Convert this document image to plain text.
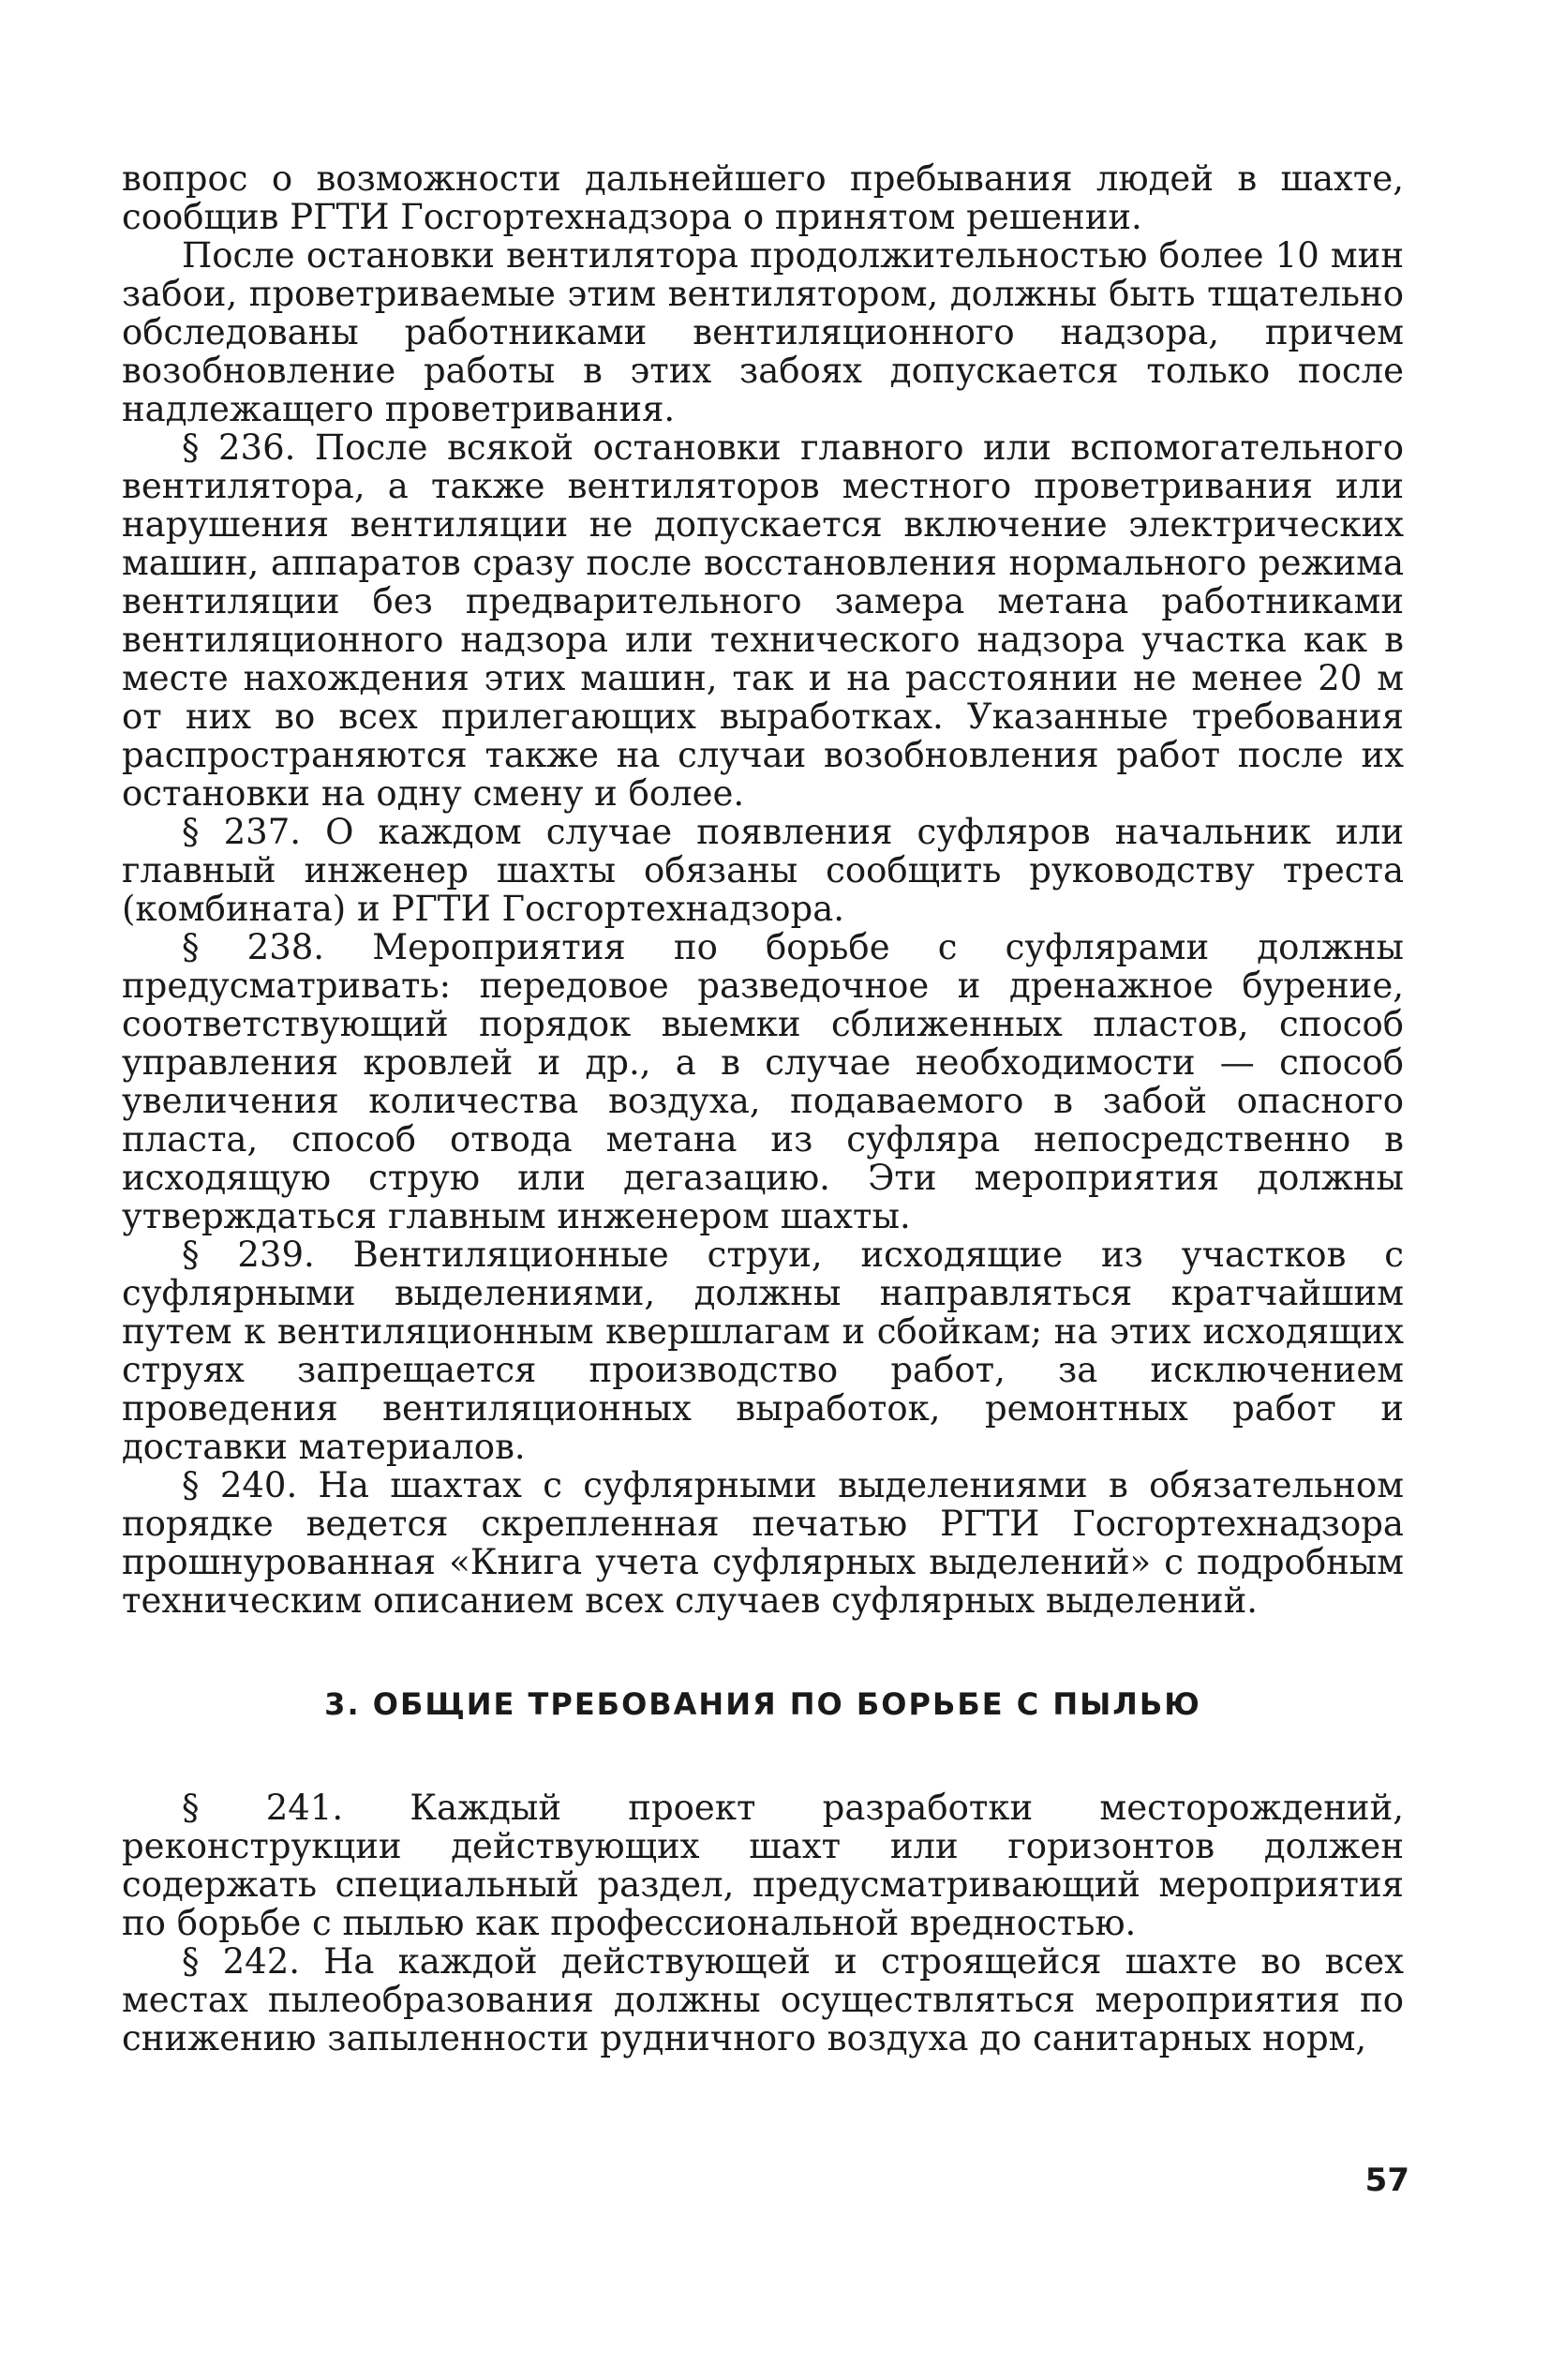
вопрос о возможности дальнейшего пребывания людей в шахте, сообщив РГТИ Госгортехнадзора о принятом решении.

После остановки вентилятора продолжительностью более 10 мин забои, проветриваемые этим вентилятором, должны быть тщательно обследованы работниками вентиляционного надзора, причем возобновление работы в этих забоях допускается только после надлежащего проветривания.

§ 236. После всякой остановки главного или вспомогательного вентилятора, а также вентиляторов местного проветривания или нарушения вентиляции не допускается включение электрических машин, аппаратов сразу после восстановления нормального режима вентиляции без предварительного замера метана работниками вентиляционного надзора или технического надзора участка как в месте нахождения этих машин, так и на расстоянии не менее 20 м от них во всех прилегающих выработках. Указанные требования распространяются также на случаи возобновления работ после их остановки на одну смену и более.

§ 237. О каждом случае появления суфляров начальник или главный инженер шахты обязаны сообщить руководству треста (комбината) и РГТИ Госгортехнадзора.

§ 238. Мероприятия по борьбе с суфлярами должны предусматривать: передовое разведочное и дренажное бурение, соответствующий порядок выемки сближенных пластов, способ управления кровлей и др., а в случае необходимости — способ увеличения количества воздуха, подаваемого в забой опасного пласта, способ отвода метана из суфляра непосредственно в исходящую струю или дегазацию. Эти мероприятия должны утверждаться главным инженером шахты.

§ 239. Вентиляционные струи, исходящие из участков с суфлярными выделениями, должны направляться кратчайшим путем к вентиляционным квершлагам и сбойкам; на этих исходящих струях запрещается производство работ, за исключением проведения вентиляционных выработок, ремонтных работ и доставки материалов.

§ 240. На шахтах с суфлярными выделениями в обязательном порядке ведется скрепленная печатью РГТИ Госгортехнадзора прошнурованная «Книга учета суфлярных выделений» с подробным техническим описанием всех случаев суфлярных выделений.

3. ОБЩИЕ ТРЕБОВАНИЯ ПО БОРЬБЕ С ПЫЛЬЮ

§ 241. Каждый проект разработки месторождений, реконструкции действующих шахт или горизонтов должен содержать специальный раздел, предусматривающий мероприятия по борьбе с пылью как профессиональной вредностью.

§ 242. На каждой действующей и строящейся шахте во всех местах пылеобразования должны осуществляться мероприятия по снижению запыленности рудничного воздуха до санитарных норм,

57
